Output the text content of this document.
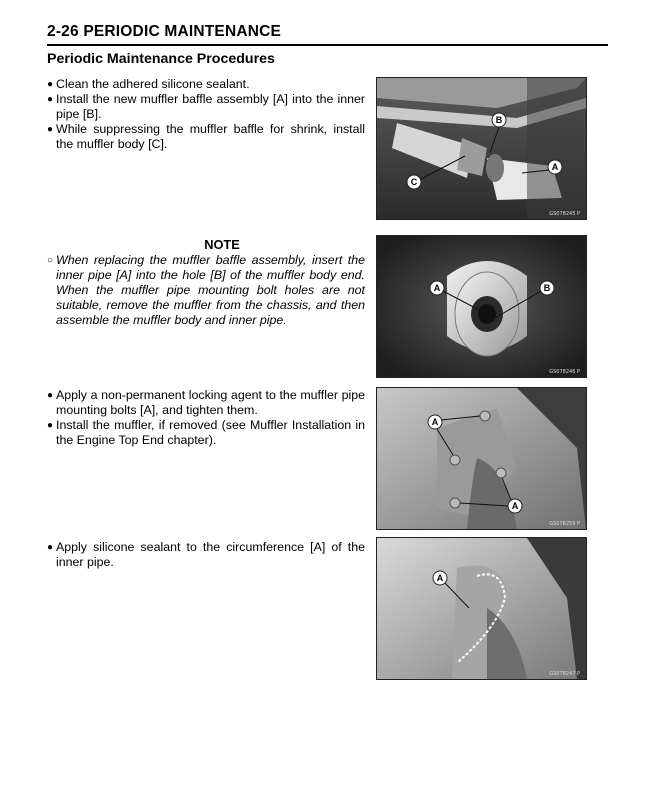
2-26 PERIODIC MAINTENANCE
Periodic Maintenance Procedures
● Clean the adhered silicone sealant.
● Install the new muffler baffle assembly [A] into the inner pipe [B].
● While suppressing the muffler baffle for shrink, install the muffler body [C].
NOTE
○ When replacing the muffler baffle assembly, insert the inner pipe [A] into the hole [B] of the muffler body end. When the muffler pipe mounting bolt holes are not suitable, remove the muffler from the chassis, and then assemble the muffler body and inner pipe.
● Apply a non-permanent locking agent to the muffler pipe mounting bolts [A], and tighten them.
● Install the muffler, if removed (see Muffler Installation in the Engine Top End chapter).
● Apply silicone sealant to the circumference [A] of the inner pipe.
A
B
C
GS078245 P
A	B
GS078246 P
A
A
GS078259 P
A
GS078247 P
